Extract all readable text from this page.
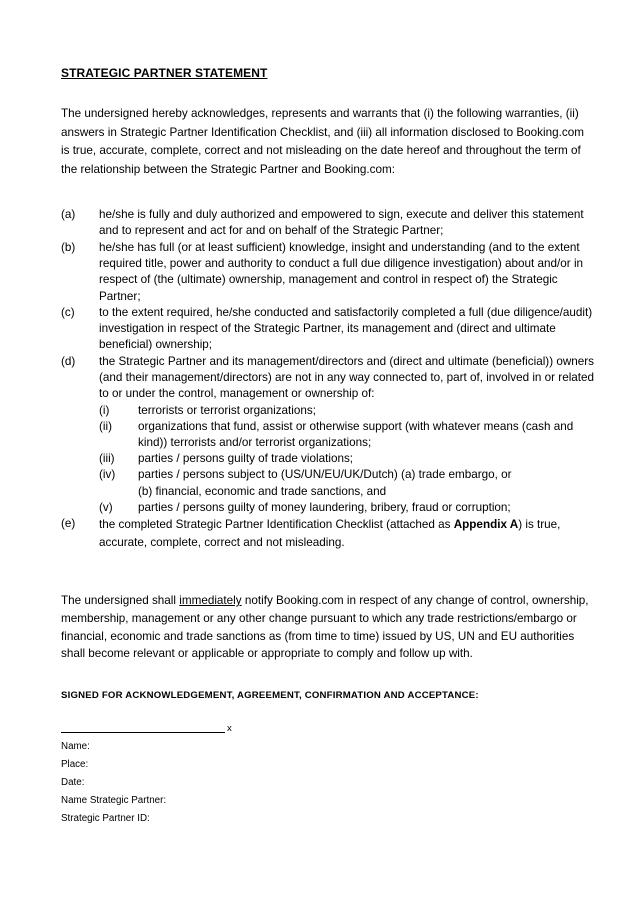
STRATEGIC PARTNER STATEMENT
The undersigned hereby acknowledges, represents and warrants that (i) the following warranties, (ii) answers in Strategic Partner Identification Checklist, and (iii) all information disclosed to Booking.com is true, accurate, complete, correct and not misleading on the date hereof and throughout the term of the relationship between the Strategic Partner and Booking.com:
(a) he/she is fully and duly authorized and empowered to sign, execute and deliver this statement and to represent and act for and on behalf of the Strategic Partner;
(b) he/she has full (or at least sufficient) knowledge, insight and understanding (and to the extent required title, power and authority to conduct a full due diligence investigation) about and/or in respect of (the (ultimate) ownership, management and control in respect of) the Strategic Partner;
(c) to the extent required, he/she conducted and satisfactorily completed a full (due diligence/audit) investigation in respect of the Strategic Partner, its management and (direct and ultimate beneficial) ownership;
(d) the Strategic Partner and its management/directors and (direct and ultimate (beneficial)) owners (and their management/directors) are not in any way connected to, part of, involved in or related to or under the control, management or ownership of:
(i) terrorists or terrorist organizations;
(ii) organizations that fund, assist or otherwise support (with whatever means (cash and kind)) terrorists and/or terrorist organizations;
(iii) parties / persons guilty of trade violations;
(iv) parties / persons subject to (US/UN/EU/UK/Dutch) (a) trade embargo, or
(b) financial, economic and trade sanctions, and
(v) parties / persons guilty of money laundering, bribery, fraud or corruption;
(e) the completed Strategic Partner Identification Checklist (attached as Appendix A) is true, accurate, complete, correct and not misleading.
The undersigned shall immediately notify Booking.com in respect of any change of control, ownership, membership, management or any other change pursuant to which any trade restrictions/embargo or financial, economic and trade sanctions as (from time to time) issued by US, UN and EU authorities shall become relevant or applicable or appropriate to comply and follow up with.
SIGNED FOR ACKNOWLEDGEMENT, AGREEMENT, CONFIRMATION AND ACCEPTANCE:
x
Name:
Place:
Date:
Name Strategic Partner:
Strategic Partner ID:
